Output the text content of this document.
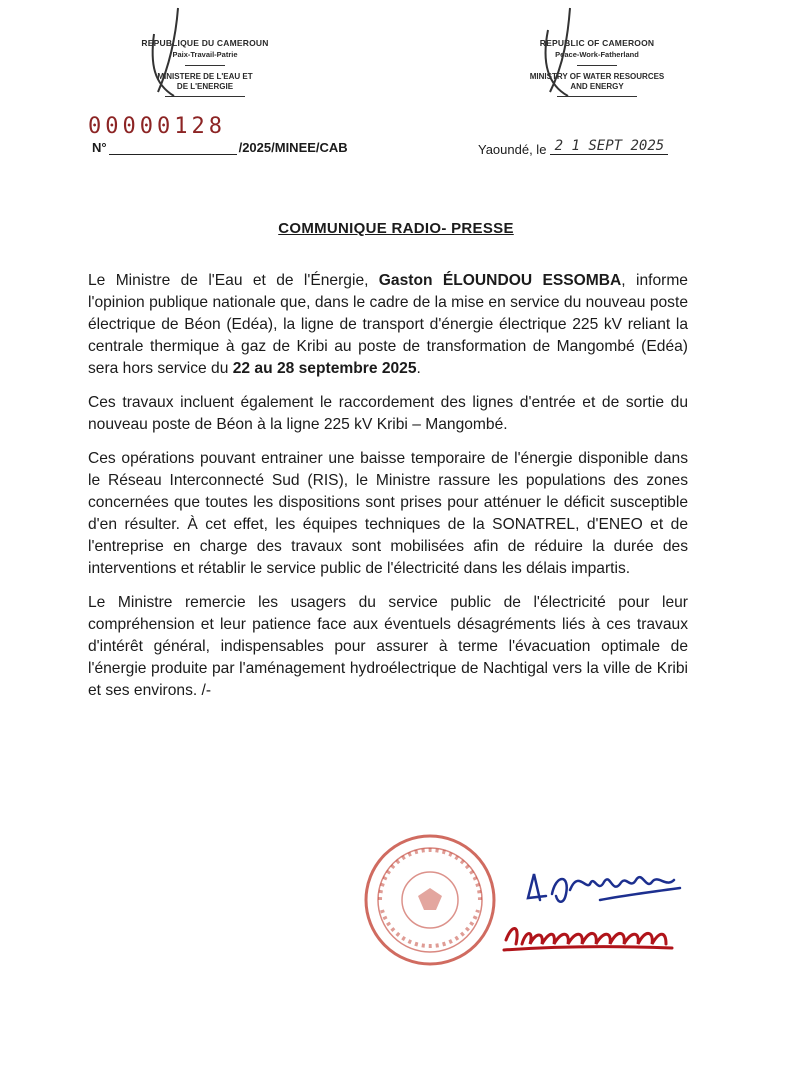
REPUBLIQUE DU CAMEROUN
Paix-Travail-Patrie
MINISTERE DE L'EAU ET
DE L'ENERGIE
REPUBLIC OF CAMEROON
Peace-Work-Fatherland
MINISTRY OF WATER RESOURCES
AND ENERGY
00000128
N°	/2025/MINEE/CAB	Yaoundé, le 2 1 SEPT 2025
COMMUNIQUE RADIO- PRESSE

Le Ministre de l'Eau et de l'Énergie, Gaston ÉLOUNDOU ESSOMBA, informe l'opinion publique nationale que, dans le cadre de la mise en service du nouveau poste électrique de Béon (Edéa), la ligne de transport d'énergie électrique 225 kV reliant la centrale thermique à gaz de Kribi au poste de transformation de Mangombé (Edéa) sera hors service du 22 au 28 septembre 2025.

Ces travaux incluent également le raccordement des lignes d'entrée et de sortie du nouveau poste de Béon à la ligne 225 kV Kribi – Mangombé.

Ces opérations pouvant entrainer une baisse temporaire de l'énergie disponible dans le Réseau Interconnecté Sud (RIS), le Ministre rassure les populations des zones concernées que toutes les dispositions sont prises pour atténuer le déficit susceptible d'en résulter. À cet effet, les équipes techniques de la SONATREL, d'ENEO et de l'entreprise en charge des travaux sont mobilisées afin de réduire la durée des interventions et rétablir le service public de l'électricité dans les délais impartis.

Le Ministre remercie les usagers du service public de l'électricité pour leur compréhension et leur patience face aux éventuels désagréments liés à ces travaux d'intérêt général, indispensables pour assurer à terme l'évacuation optimale de l'énergie produite par l'aménagement hydroélectrique de Nachtigal vers la ville de Kribi et ses environs. /-
